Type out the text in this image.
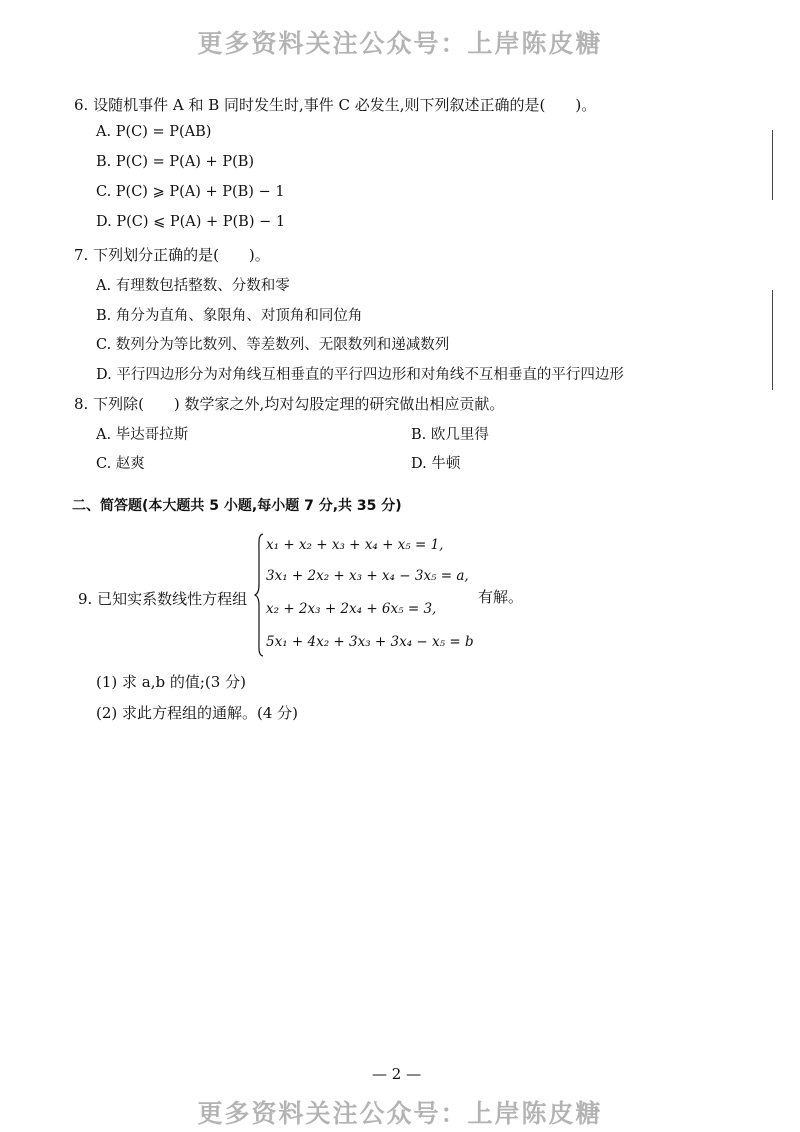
更多资料关注公众号：上岸陈皮糖
6. 设随机事件 A 和 B 同时发生时,事件 C 必发生,则下列叙述正确的是(　　)。
A. P(C) = P(AB)
B. P(C) = P(A) + P(B)
C. P(C) ⩾ P(A) + P(B) − 1
D. P(C) ⩽ P(A) + P(B) − 1
7. 下列划分正确的是(　　)。
A. 有理数包括整数、分数和零
B. 角分为直角、象限角、对顶角和同位角
C. 数列分为等比数列、等差数列、无限数列和递减数列
D. 平行四边形分为对角线互相垂直的平行四边形和对角线不互相垂直的平行四边形
8. 下列除(　　) 数学家之外,均对勾股定理的研究做出相应贡献。
A. 毕达哥拉斯	B. 欧几里得
C. 赵爽	D. 牛顿
二、简答题(本大题共 5 小题,每小题 7 分,共 35 分)
9. 已知实系数线性方程组
x₁ + x₂ + x₃ + x₄ + x₅ = 1,
3x₁ + 2x₂ + x₃ + x₄ − 3x₅ = a,
x₂ + 2x₃ + 2x₄ + 6x₅ = 3,
5x₁ + 4x₂ + 3x₃ + 3x₄ − x₅ = b
有解。
(1) 求 a,b 的值;(3 分)
(2) 求此方程组的通解。(4 分)
— 2 —
更多资料关注公众号：上岸陈皮糖
